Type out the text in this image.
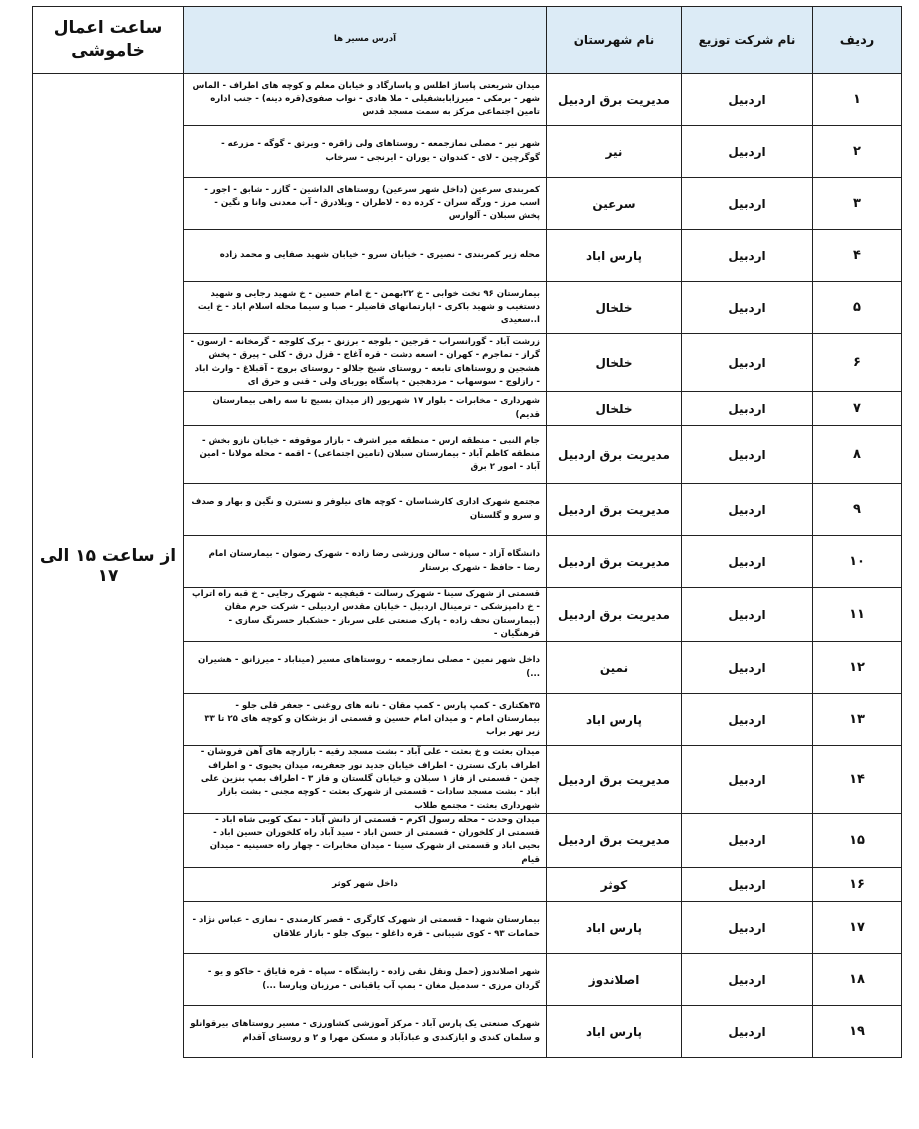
ردیف	نام شرکت توزیع	نام شهرستان	آدرس مسیر ها	ساعت اعمال خاموشی
۱	اردبیل	مدیریت برق اردبیل	میدان شریعتی پاساژ اطلس و پاسارگاد و خیابان معلم و کوچه های اطراف - الماس شهر - برمکی - میرزابابشفیلی - ملا هادی - نواب صفوی(قره دینه) - جنب اداره تامین اجتماعی مرکز به سمت مسجد قدس	از ساعت ۱۵ الی ۱۷
۲	اردبیل	نیر	شهر نیر - مصلی نمازجمعه - روستاهای ولی زاقره - ویرثق - گوگه - مزرعه - گوگرچین - لای - کندوان - یوران - ایرنجی - سرخاب	
۳	اردبیل	سرعین	کمربندی سرعین (داخل شهر سرعین) روستاهای الداشین - گازر - شابق - اجور - اسب مرز - ورگه سران - کرده ده - لاطران - ویلادرق - آب معدنی وانا و نگین - پخش سبلان - آلوارس	
۴	اردبیل	پارس اباد	محله زیر کمربندی - نصیری - خیابان سرو - خیابان شهید صفایی و محمد زاده	
۵	اردبیل	خلخال	بیمارستان ۹۶ تخت خوابی - خ ۲۲بهمن - خ امام حسین - خ شهید رجایی و شهید دستغیب و شهید باکری - اپارتمانهای قاضیلر - صبا و سیما محله اسلام اباد - خ ایت ا..سعیدی	
۶	اردبیل	خلخال	زرشت آباد - گورانسراب - قرجین - بلوجه - برزنق - برک کلوجه - گرمخانه - ارسون - گراز - تماجرم - کهران - اسعه دشت - قره آغاج - قزل درق - کلی - پیرق - پخش هشجین و روستاهای تابعه - روستای شیخ جلالو - روستای بروج - آقبلاغ - وارث اباد - رازلوج - سوسهاب - مزدهجین - پاسگاه یوربای ولی - قنی و حرق ای	
۷	اردبیل	خلخال	شهرداری - مخابرات - بلوار ۱۷ شهریور (از میدان بسیج تا سه راهی بیمارستان قدیم)	
۸	اردبیل	مدیریت برق اردبیل	جام النبی - منطقه ارس - منطقه میر اشرف - بازار موقوفه - خیابان نازو بخش - منطقه کاظم آباد - بیمارستان سبلان (تامین اجتماعی) - اقمه - محله مولانا - امین آباد - امور ۲ برق	
۹	اردبیل	مدیریت برق اردبیل	مجتمع شهرک اداری کارشناسان - کوچه های نیلوفر و نسترن و نگین و بهار و صدف و سرو و گلستان	
۱۰	اردبیل	مدیریت برق اردبیل	دانشگاه آزاد - سپاه - سالن ورزشی رضا زاده - شهرک رضوان - بیمارستان امام رضا - حافظ - شهرک برستار	
۱۱	اردبیل	مدیریت برق اردبیل	قسمتی از شهرک سینا - شهرک رسالت - قیفچیه - شهرک رجایی - خ قبه راه اتراپ - خ دامپزشکی - ترمینال اردبیل - خیابان مقدس اردبیلی - شرکت حرم مقان (بیمارستان نحف زاده - پارک صنعتی علی سرباز - حشکبار حسرنگ سازی - قرهنگیان -	
۱۲	اردبیل	نمین	داخل شهر نمین - مصلی نمازجمعه - روستاهای مسیر (میناباد - میرزانق - هشیران ...)	
۱۳	اردبیل	پارس اباد	۳۵هکتاری - کمپ پارس - کمپ مقان - نانه های روغنی - جعفر قلی جلو - بیمارستان امام - و میدان امام حسین و قسمتی از بزشکان و کوچه های ۲۵ تا ۳۳ زیر نهر براب	
۱۴	اردبیل	مدیریت برق اردبیل	میدان بعثت و خ بعثت - علی آباد - بشت مسجد رقیه - بازارچه های آهن فروشان - اطراف بارک نسترن - اطراف خیابان جدید نور جعفریه، میدان یحیوی - و اطراف چمن - قسمتی از فاز ۱ سبلان و خیابان گلستان و فاز ۳ - اطراف بمپ بنزین علی اباد - بشت مسجد سادات - قسمتی از شهرک بعثت - کوچه مجنی - بشت بازار شهرداری بعثت - مجتمع طلاب	
۱۵	اردبیل	مدیریت برق اردبیل	میدان وحدت - محله رسول اکرم - قسمتی از دانش آباد - نمک کوبی شاه اباد - قسمتی از کلخوران - قسمتی از حسن اباد - سید آباد راه کلخوران حسین اباد - بحیی اباد و قسمتی از شهرک سینا - میدان مخابرات - چهار راه حسینیه - میدان قیام	
۱۶	اردبیل	کوثر	داخل شهر کوثر	
۱۷	اردبیل	پارس اباد	بیمارستان شهدا - قسمتی از شهرک کارگری - قصر کارمندی - نمازی - عباس نژاد - حمامات ۹۳ - کوی شیبانی - قره داغلو - بیوک جلو - بازار علاقان	
۱۸	اردبیل	اصلاندوز	شهر اصلاندوز (حمل ونقل نقی زاده - زایشگاه - سپاه - قره قایاق - حاکو و یو - گردان مرزی - سدمیل مغان - بمپ آب یاقبانی - مرزبان وپارسا ...)	
۱۹	اردبیل	پارس اباد	شهرک صنعتی یک پارس آباد - مرکز آموزشی کشاورزی - مسیر روستاهای بیرقوانلو و سلمان کندی و ایازکندی و عبادآباد و مسکن مهرا و ۲ و روستای آقدام	
